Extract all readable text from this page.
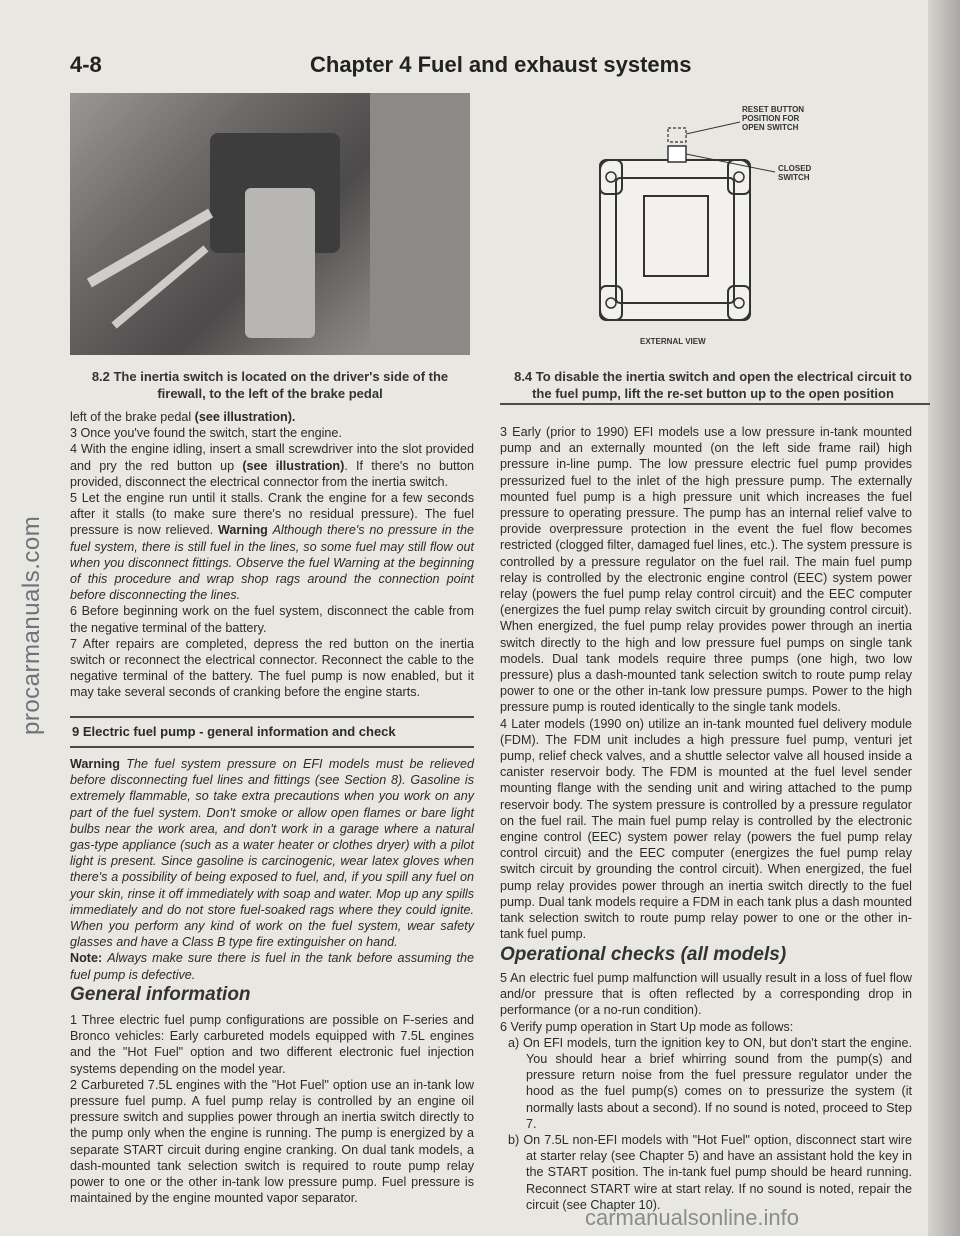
4-8	Chapter 4 Fuel and exhaust systems
8.2 The inertia switch is located on the driver's side of the
firewall, to the left of the brake pedal
RESET BUTTON POSITION FOR OPEN SWITCH
CLOSED SWITCH
EXTERNAL VIEW
8.4 To disable the inertia switch and open the electrical circuit to
the fuel pump, lift the re-set button up to the open position

left of the brake pedal (see illustration).

3 Once you've found the switch, start the engine.

4 With the engine idling, insert a small screwdriver into the slot provided and pry the red button up (see illustration). If there's no button provided, disconnect the electrical connector from the inertia switch.

5 Let the engine run until it stalls. Crank the engine for a few seconds after it stalls (to make sure there's no residual pressure). The fuel pressure is now relieved. Warning Although there's no pressure in the fuel system, there is still fuel in the lines, so some fuel may still flow out when you disconnect fittings. Observe the fuel Warning at the beginning of this procedure and wrap shop rags around the connection point before disconnecting the lines.

6 Before beginning work on the fuel system, disconnect the cable from the negative terminal of the battery.

7 After repairs are completed, depress the red button on the inertia switch or reconnect the electrical connector. Reconnect the cable to the negative terminal of the battery. The fuel pump is now enabled, but it may take several seconds of cranking before the engine starts.

9 Electric fuel pump - general information and check

Warning The fuel system pressure on EFI models must be relieved before disconnecting fuel lines and fittings (see Section 8). Gasoline is extremely flammable, so take extra precautions when you work on any part of the fuel system. Don't smoke or allow open flames or bare light bulbs near the work area, and don't work in a garage where a natural gas-type appliance (such as a water heater or clothes dryer) with a pilot light is present. Since gasoline is carcinogenic, wear latex gloves when there's a possibility of being exposed to fuel, and, if you spill any fuel on your skin, rinse it off immediately with soap and water. Mop up any spills immediately and do not store fuel-soaked rags where they could ignite. When you perform any kind of work on the fuel system, wear safety glasses and have a Class B type fire extinguisher on hand.

Note: Always make sure there is fuel in the tank before assuming the fuel pump is defective.

General information

1 Three electric fuel pump configurations are possible on F-series and Bronco vehicles: Early carbureted models equipped with 7.5L engines and the "Hot Fuel" option and two different electronic fuel injection systems depending on the model year.

2 Carbureted 7.5L engines with the "Hot Fuel" option use an in-tank low pressure fuel pump. A fuel pump relay is controlled by an engine oil pressure switch and supplies power through an inertia switch directly to the pump only when the engine is running. The pump is energized by a separate START circuit during engine cranking. On dual tank models, a dash-mounted tank selection switch is required to route pump relay power to one or the other in-tank low pressure pump. Fuel pressure is maintained by the engine mounted vapor separator.

3 Early (prior to 1990) EFI models use a low pressure in-tank mounted pump and an externally mounted (on the left side frame rail) high pressure in-line pump. The low pressure electric fuel pump provides pressurized fuel to the inlet of the high pressure pump. The externally mounted fuel pump is a high pressure unit which increases the fuel pressure to operating pressure. The pump has an internal relief valve to provide overpressure protection in the event the fuel flow becomes restricted (clogged filter, damaged fuel lines, etc.). The system pressure is controlled by a pressure regulator on the fuel rail. The main fuel pump relay is controlled by the electronic engine control (EEC) system power relay (powers the fuel pump relay control circuit) and the EEC computer (energizes the fuel pump relay switch circuit by grounding control circuit). When energized, the fuel pump relay provides power through an inertia switch directly to the high and low pressure fuel pumps on single tank models. Dual tank models require three pumps (one high, two low pressure) plus a dash-mounted tank selection switch to route pump relay power to one or the other in-tank low pressure pumps. Power to the high pressure pump is routed identically to the single tank models.

4 Later models (1990 on) utilize an in-tank mounted fuel delivery module (FDM). The FDM unit includes a high pressure fuel pump, venturi jet pump, relief check valves, and a shuttle selector valve all housed inside a canister reservoir body. The FDM is mounted at the fuel level sender mounting flange with the sending unit and wiring attached to the pump reservoir body. The system pressure is controlled by a pressure regulator on the fuel rail. The main fuel pump relay is controlled by the electronic engine control (EEC) system power relay (powers the fuel pump relay control circuit) and the EEC computer (energizes the fuel pump relay switch circuit by grounding the control circuit). When energized, the fuel pump relay provides power through an inertia switch directly to the fuel pump. Dual tank models require a FDM in each tank plus a dash mounted tank selection switch to route pump relay power to one or the other in-tank fuel pump.

Operational checks (all models)

5 An electric fuel pump malfunction will usually result in a loss of fuel flow and/or pressure that is often reflected by a corresponding drop in performance (or a no-run condition).

6 Verify pump operation in Start Up mode as follows:

a) On EFI models, turn the ignition key to ON, but don't start the engine. You should hear a brief whirring sound from the pump(s) and pressure return noise from the fuel pressure regulator under the hood as the fuel pump(s) comes on to pressurize the system (it normally lasts about a second). If no sound is noted, proceed to Step 7.

b) On 7.5L non-EFI models with "Hot Fuel" option, disconnect start wire at starter relay (see Chapter 5) and have an assistant hold the key in the START position. The in-tank fuel pump should be heard running. Reconnect START wire at start relay. If no sound is noted, repair the circuit (see Chapter 10).

procarmanuals.com
carmanualsonline.info
